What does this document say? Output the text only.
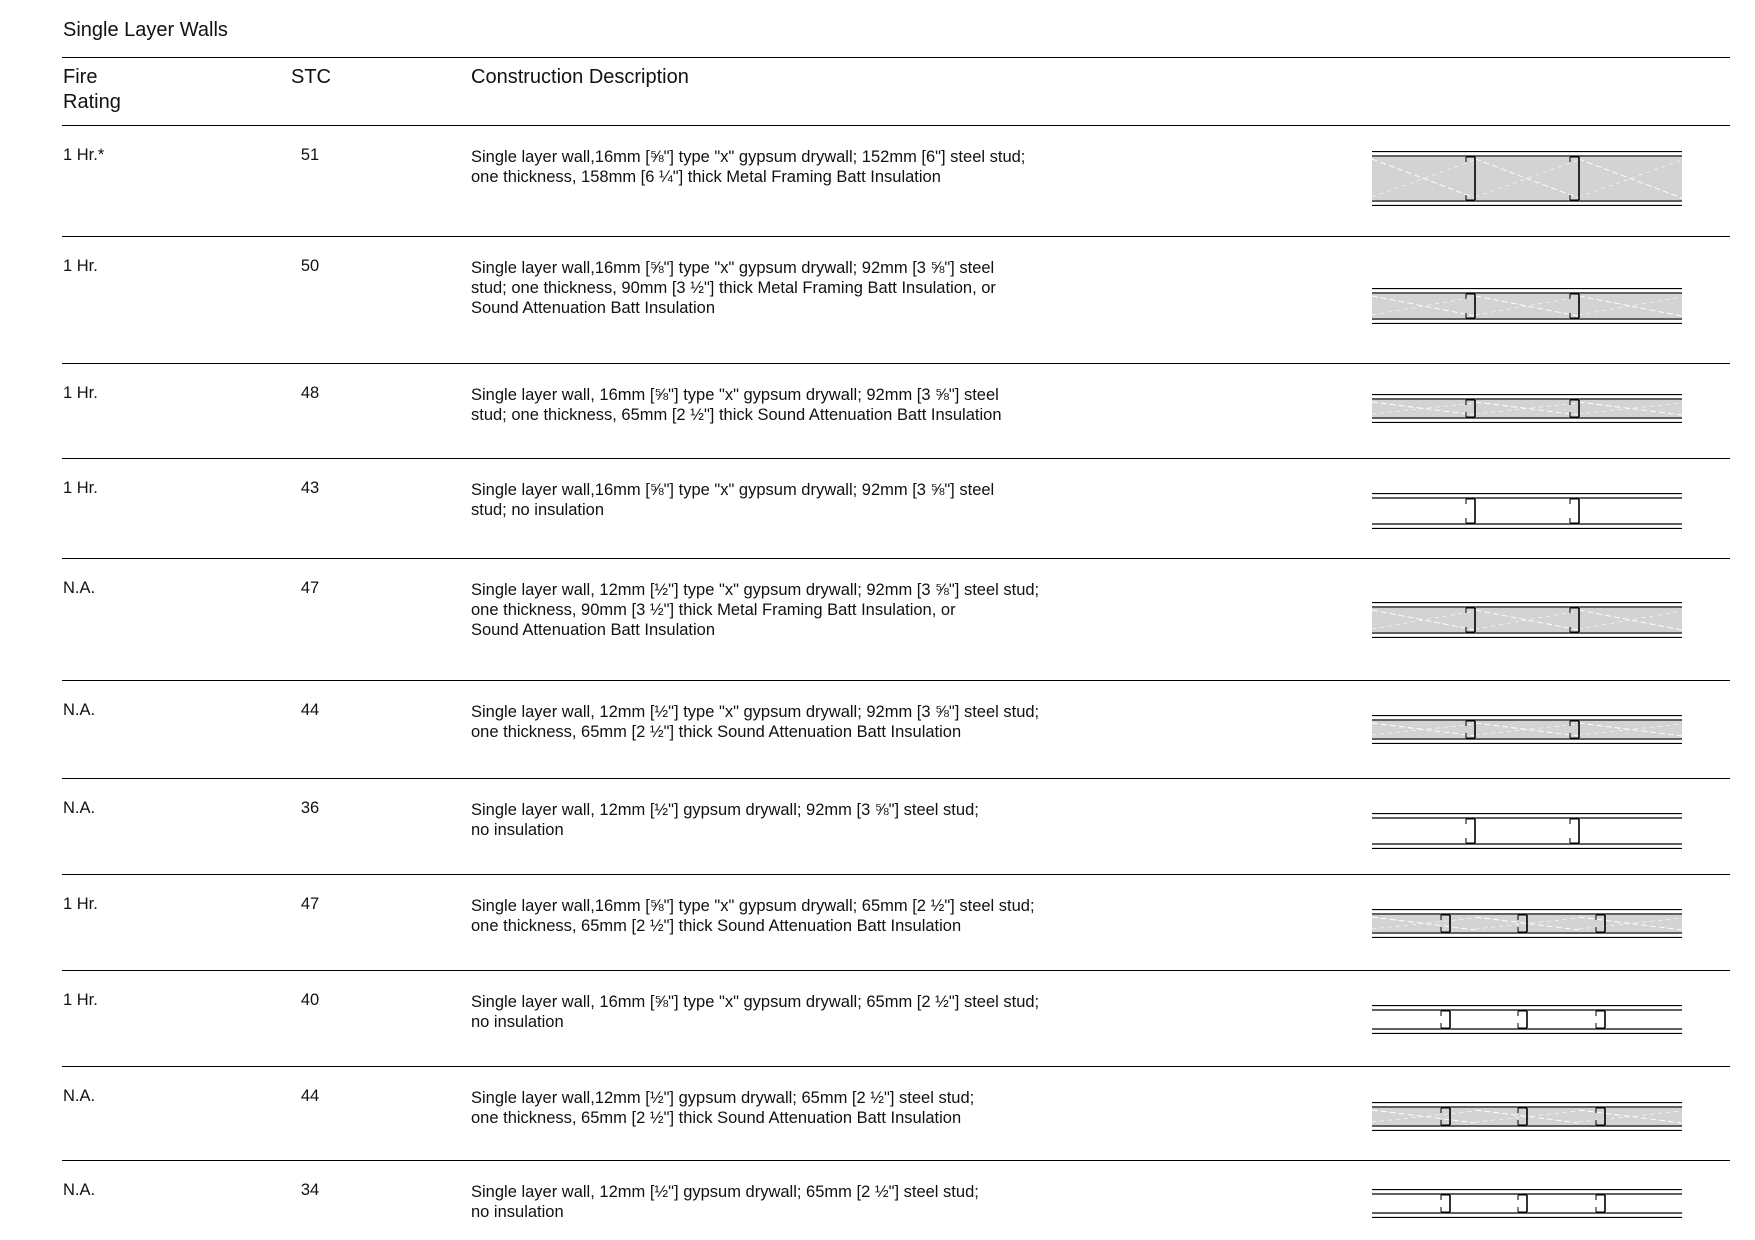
Single Layer Walls
Fire
Rating
STC	Construction Description
1 Hr.*	51	Single layer wall,16mm [⅝"] type "x" gypsum drywall; 152mm [6"] steel stud;
one thickness, 158mm [6 ¼"] thick Metal Framing Batt Insulation
1 Hr.	50	Single layer wall,16mm [⅝"] type "x" gypsum drywall; 92mm [3 ⅝"] steel
stud; one thickness, 90mm [3 ½"] thick Metal Framing Batt Insulation, or
Sound Attenuation Batt Insulation
1 Hr.	48	Single layer wall, 16mm [⅝"] type "x" gypsum drywall; 92mm [3 ⅝"] steel
stud; one thickness, 65mm [2 ½"] thick Sound Attenuation Batt Insulation
1 Hr.	43	Single layer wall,16mm [⅝"] type "x" gypsum drywall; 92mm [3 ⅝"] steel
stud; no insulation
N.A.	47	Single layer wall, 12mm [½"] type "x" gypsum drywall; 92mm [3 ⅝"] steel stud;
one thickness, 90mm [3 ½"] thick Metal Framing Batt Insulation, or
Sound Attenuation Batt Insulation
N.A.	44	Single layer wall, 12mm [½"] type "x" gypsum drywall; 92mm [3 ⅝"] steel stud;
one thickness, 65mm [2 ½"] thick Sound Attenuation Batt Insulation
N.A.	36	Single layer wall, 12mm [½"] gypsum drywall; 92mm [3 ⅝"] steel stud;
no insulation
1 Hr.	47	Single layer wall,16mm [⅝"] type "x" gypsum drywall; 65mm [2 ½"] steel stud;
one thickness, 65mm [2 ½"] thick Sound Attenuation Batt Insulation
1 Hr.	40	Single layer wall, 16mm [⅝"] type "x" gypsum drywall; 65mm [2 ½"] steel stud;
no insulation
N.A.	44	Single layer wall,12mm [½"] gypsum drywall; 65mm [2 ½"] steel stud;
one thickness, 65mm [2 ½"] thick Sound Attenuation Batt Insulation
N.A.	34	Single layer wall, 12mm [½"] gypsum drywall; 65mm [2 ½"] steel stud;
no insulation
